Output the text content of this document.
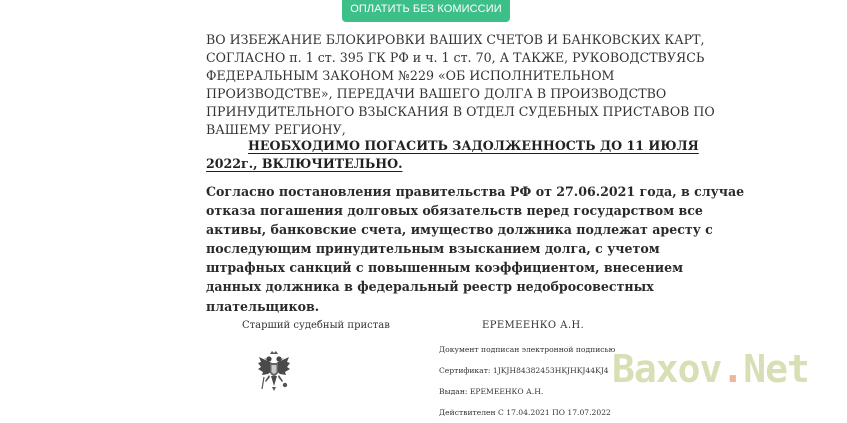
ОПЛАТИТЬ БЕЗ КОМИССИИ
ВО ИЗБЕЖАНИЕ БЛОКИРОВКИ ВАШИХ СЧЕТОВ И БАНКОВСКИХ КАРТ,
СОГЛАСНО п. 1 ст. 395 ГК РФ и ч. 1 ст. 70, А ТАКЖЕ, РУКОВОДСТВУЯСЬ
ФЕДЕРАЛЬНЫМ ЗАКОНОМ №229 «ОБ ИСПОЛНИТЕЛЬНОМ
ПРОИЗВОДСТВЕ», ПЕРЕДАЧИ ВАШЕГО ДОЛГА В ПРОИЗВОДСТВО
ПРИНУДИТЕЛЬНОГО ВЗЫСКАНИЯ В ОТДЕЛ СУДЕБНЫХ ПРИСТАВОВ ПО
ВАШЕМУ РЕГИОНУ,
НЕОБХОДИМО ПОГАСИТЬ ЗАДОЛЖЕННОСТЬ ДО 11 ИЮЛЯ
2022г., ВКЛЮЧИТЕЛЬНО.
Согласно постановления правительства РФ от 27.06.2021 года, в случае
отказа погашения долговых обязательств перед государством все
активы, банковские счета, имущество должника подлежат аресту с
последующим принудительным взысканием долга, с учетом
штрафных санкций с повышенным коэффициентом, внесением
данных должника в федеральный реестр недобросовестных
плательщиков.
Старший судебный пристав	ЕРЕМЕЕНКО А.Н.
Документ подписан электронной подписью
Сертификат: 1JKJH84382453HKJHKJ44KJ4
Выдан: ЕРЕМЕЕНКО А.Н.
Действителен С 17.04.2021 ПО 17.07.2022
Baxov.Net
